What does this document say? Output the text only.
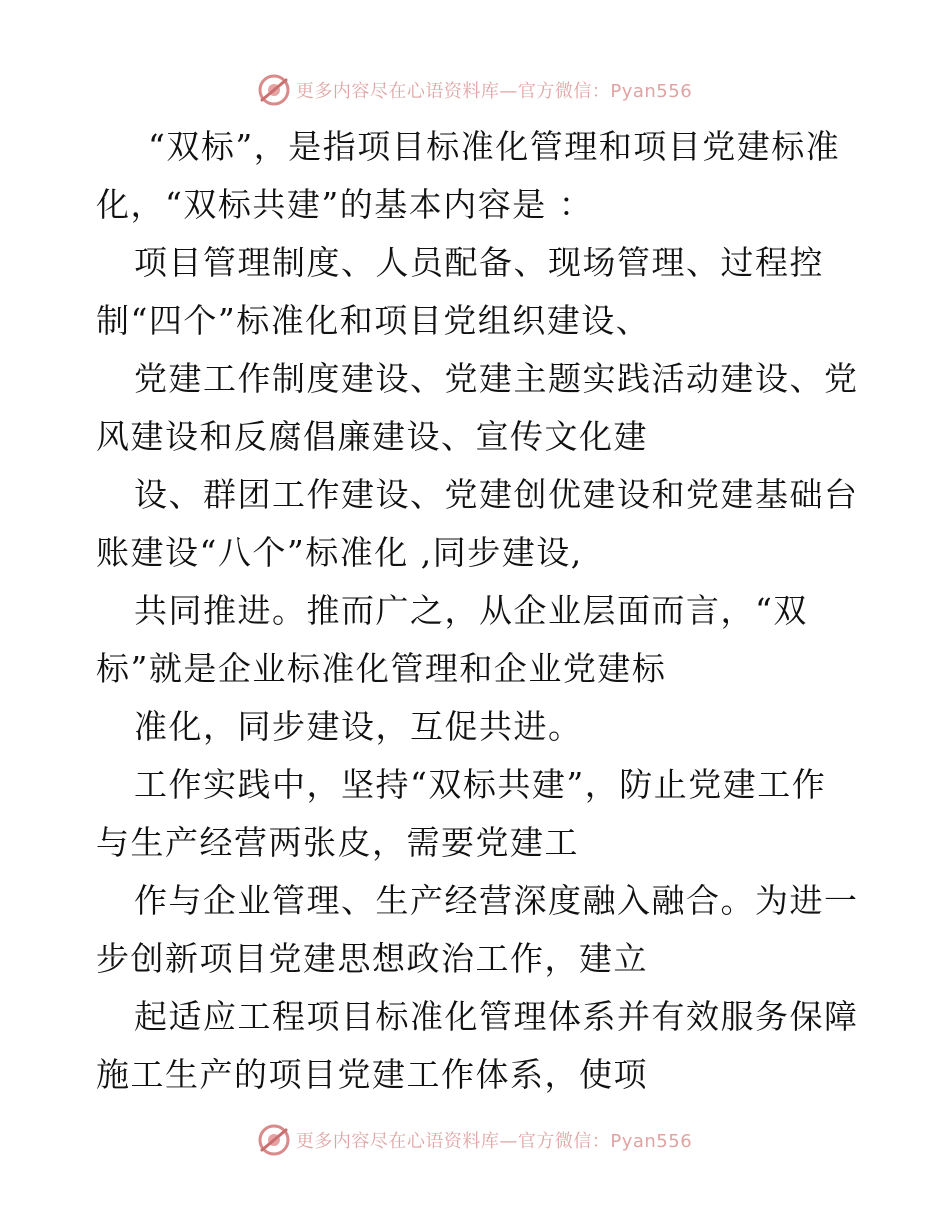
更多内容尽在心语资料库—官方微信：Pyan556
“双标”，是指项目标准化管理和项目党建标准
化，“双标共建”的基本内容是 ：
项目管理制度、人员配备、现场管理、过程控
制“四个”标准化和项目党组织建设、
党建工作制度建设、党建主题实践活动建设、党
风建设和反腐倡廉建设、宣传文化建
设、群团工作建设、党建创优建设和党建基础台
账建设“八个”标准化 ,同步建设,
共同推进。推而广之，从企业层面而言，“双
标”就是企业标准化管理和企业党建标
准化，同步建设，互促共进。
工作实践中，坚持“双标共建”，防止党建工作
与生产经营两张皮，需要党建工
作与企业管理、生产经营深度融入融合。为进一
步创新项目党建思想政治工作，建立
起适应工程项目标准化管理体系并有效服务保障
施工生产的项目党建工作体系，使项
更多内容尽在心语资料库—官方微信：Pyan556
